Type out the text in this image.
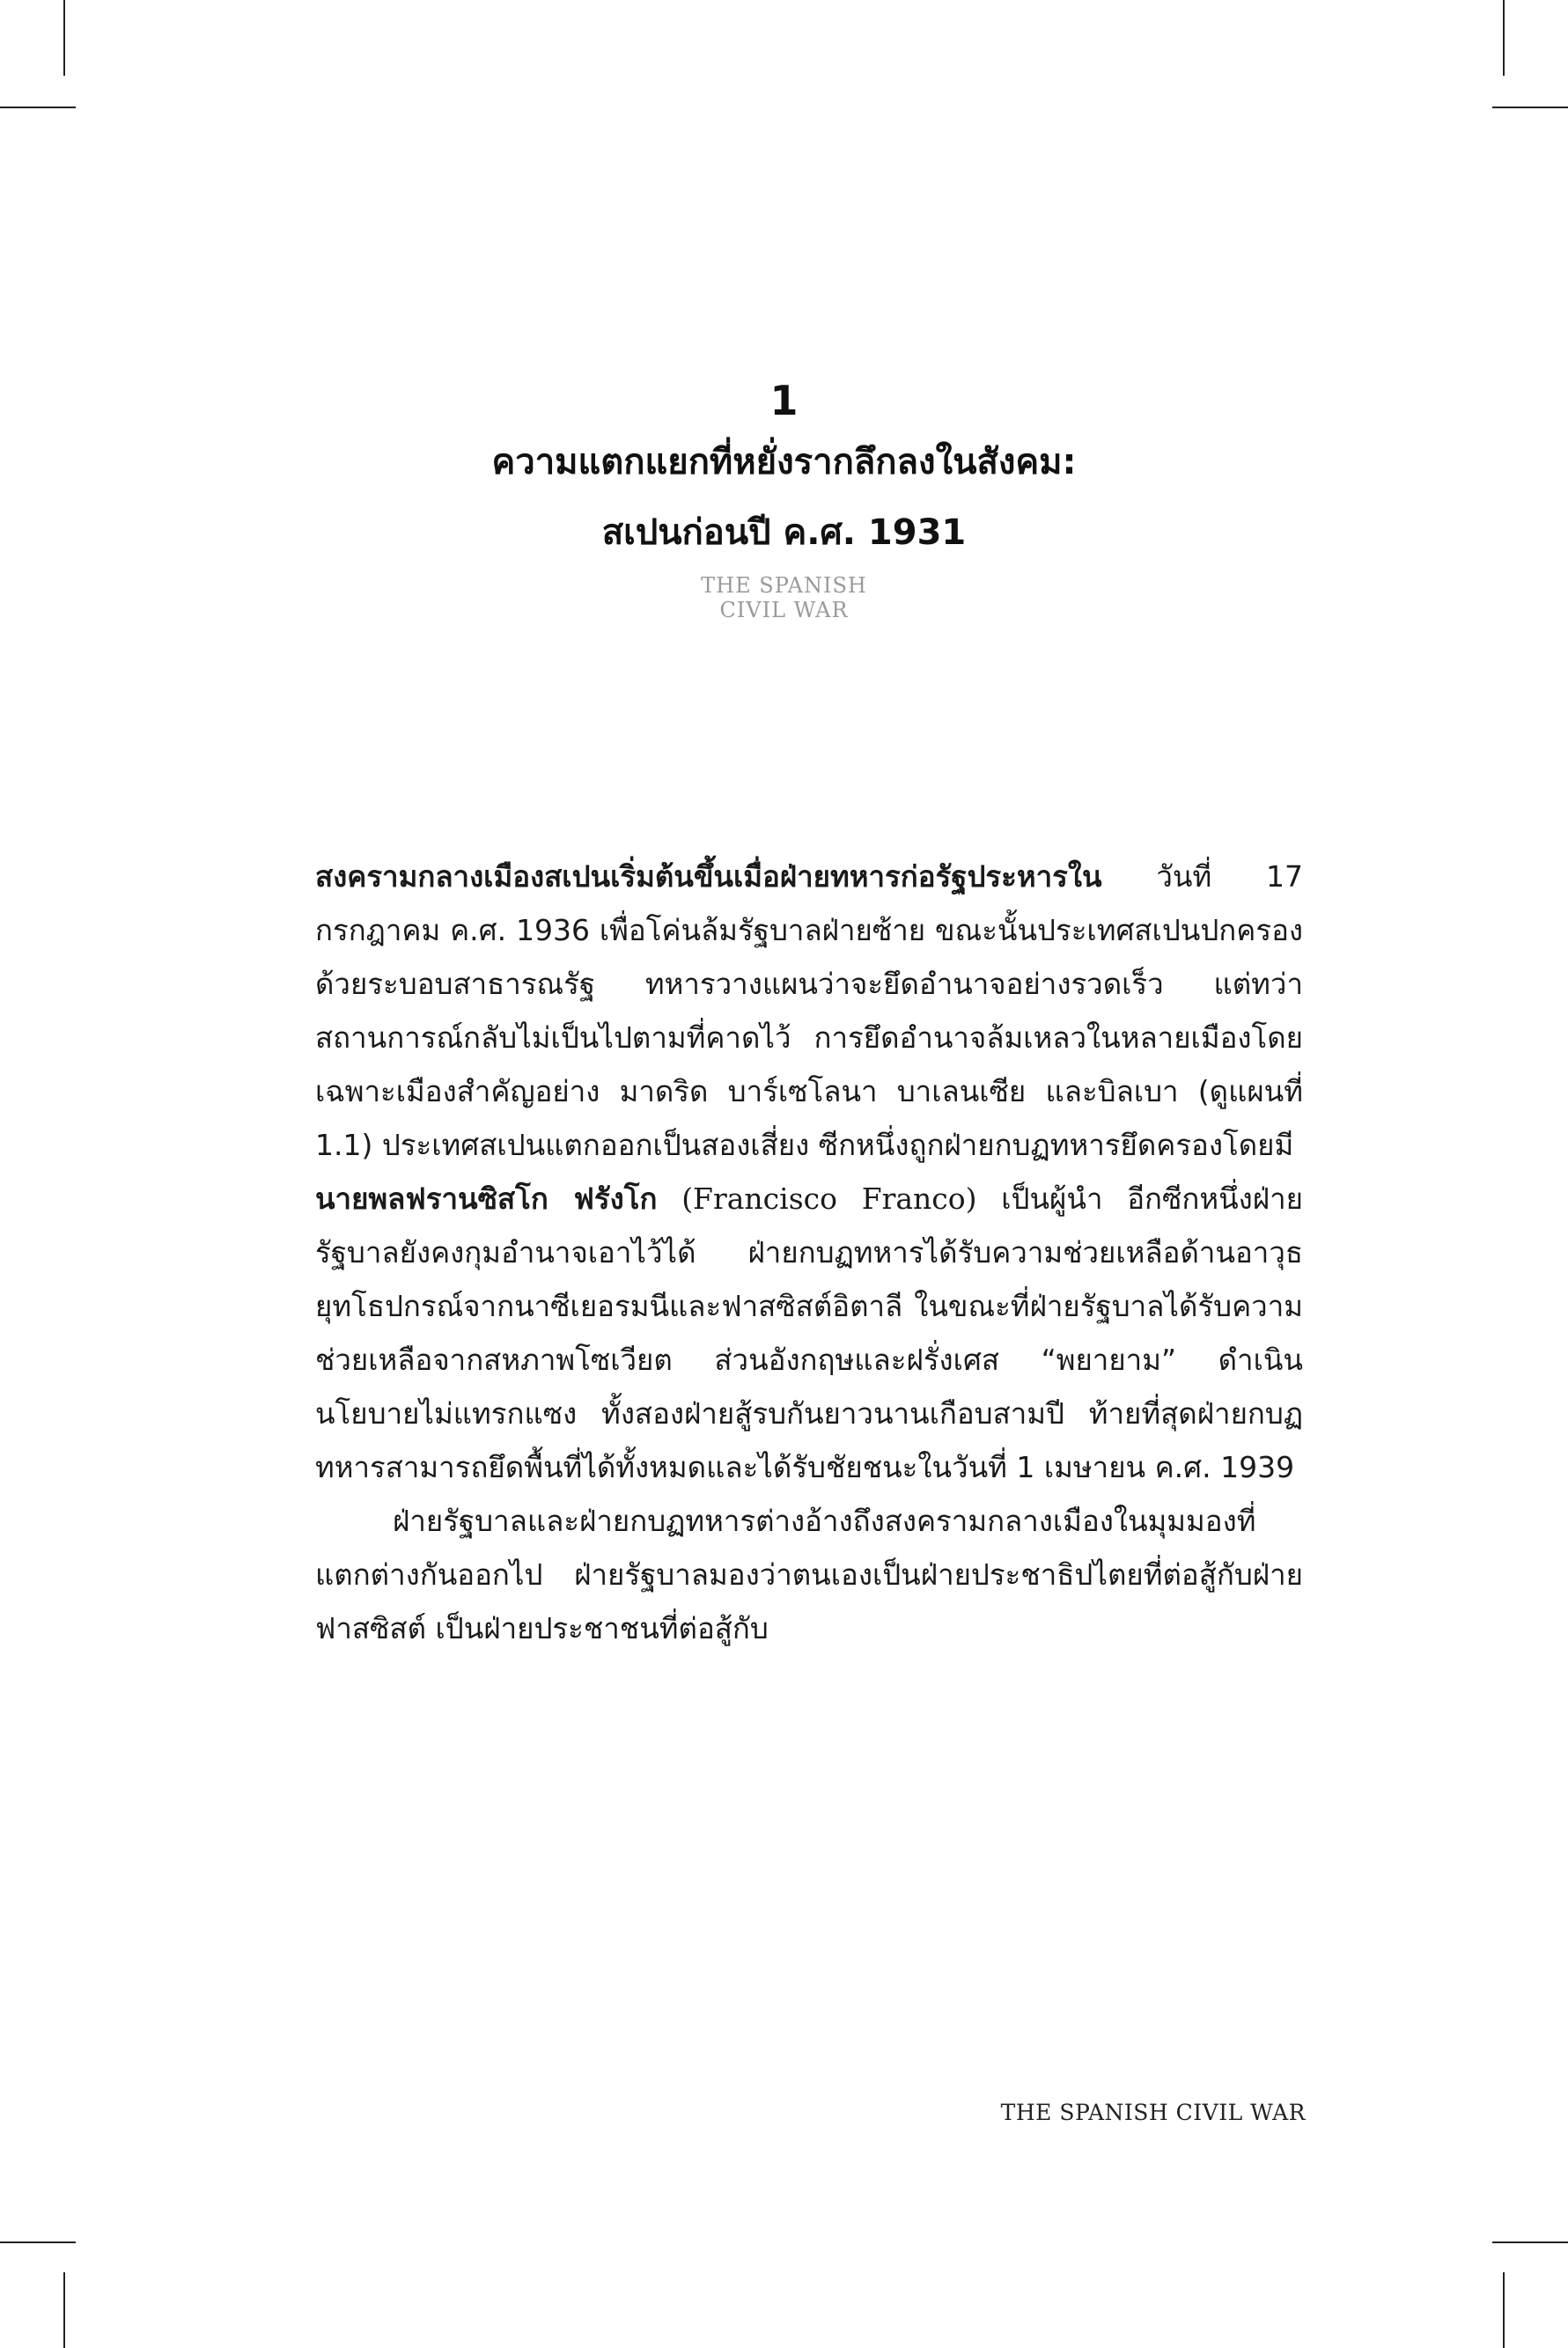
1
ความแตกแยกที่หยั่งรากลึกลงในสังคม:
สเปนก่อนปี ค.ศ. 1931
THE SPANISH
CIVIL WAR

สงครามกลางเมืองสเปนเริ่มต้นขึ้นเมื่อฝ่ายทหารก่อรัฐประหารใน วันที่ 17 กรกฎาคม ค.ศ. 1936 เพื่อโค่นล้มรัฐบาลฝ่ายซ้าย ขณะนั้นประเทศสเปนปกครองด้วยระบอบสาธารณรัฐ ทหารวางแผนว่าจะยึดอำนาจอย่างรวดเร็ว แต่ทว่าสถานการณ์กลับไม่เป็นไปตามที่คาดไว้ การยึดอำนาจล้มเหลวในหลายเมืองโดยเฉพาะเมืองสำคัญอย่าง มาดริด บาร์เซโลนา บาเลนเซีย และบิลเบา (ดูแผนที่ 1.1) ประเทศสเปนแตกออกเป็นสองเสี่ยง ซีกหนึ่งถูกฝ่ายกบฏทหารยึดครองโดยมี
นายพลฟรานซิสโก ฟรังโก (Francisco Franco) เป็นผู้นำ อีกซีกหนึ่งฝ่ายรัฐบาลยังคงกุมอำนาจเอาไว้ได้ ฝ่ายกบฏทหารได้รับความช่วยเหลือด้านอาวุธยุทโธปกรณ์จากนาซีเยอรมนีและฟาสซิสต์อิตาลี ในขณะที่ฝ่ายรัฐบาลได้รับความช่วยเหลือจากสหภาพโซเวียต ส่วนอังกฤษและฝรั่งเศส “พยายาม” ดำเนินนโยบายไม่แทรกแซง ทั้งสองฝ่ายสู้รบกันยาวนานเกือบสามปี ท้ายที่สุดฝ่ายกบฏทหารสามารถยึดพื้นที่ได้ทั้งหมดและได้รับชัยชนะในวันที่ 1 เมษายน ค.ศ. 1939

ฝ่ายรัฐบาลและฝ่ายกบฏทหารต่างอ้างถึงสงครามกลางเมืองในมุมมองที่แตกต่างกันออกไป ฝ่ายรัฐบาลมองว่าตนเองเป็นฝ่ายประชาธิปไตยที่ต่อสู้กับฝ่ายฟาสซิสต์ เป็นฝ่ายประชาชนที่ต่อสู้กับ

THE SPANISH CIVIL WAR
